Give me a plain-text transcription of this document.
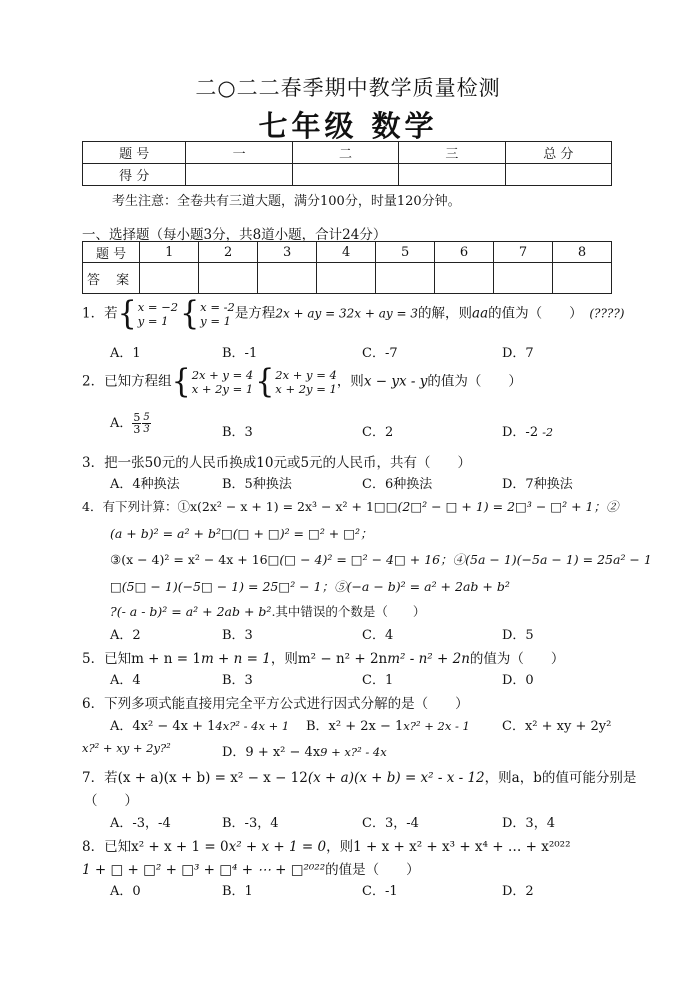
二○二二春季期中教学质量检测
七年级 数学
题 号	一	二	三	总 分
得 分				
考生注意：全卷共有三道大题，满分100分，时量120分钟。
一、选择题（每小题3分，共8道小题，合计24分）
题 号	1	2	3	4	5	6	7	8
答 案								
1．若{x = −2
y = 1 {x = -2
y = 1 是方程2x + ay = 32x + ay = 3的解，则aa的值为（　　）　 (????)
A．1	B．-1	C．-7	D．7
2．已知方程组{2x + y = 4
x + 2y = 1{2x + y = 4
x + 2y = 1，则x − yx - y的值为（　　）
A． $\frac{5}{3} \frac{5}{3}$	B．3	C．2	D．-2 -2
3．把一张50元的人民币换成10元或5元的人民币，共有（　　）
A．4种换法	B．5种换法	C．6种换法	D．7种换法
4．有下列计算：①x(2x² − x + 1) = 2x³ − x² + 1□□(2□² − □ + 1) = 2□³ − □² + 1；②
(a + b)² = a² + b²□(□ + □)² = □² + □²；
③(x − 4)² = x² − 4x + 16□(□ − 4)² = □² − 4□ + 16；④(5a − 1)(−5a − 1) = 25a² − 1
□(5□ − 1)(−5□ − 1) = 25□² − 1；⑤(−a − b)² = a² + 2ab + b²
?(- a - b)² = a² + 2ab + b².其中错误的个数是（　　）
A．2	B．3	C．4	D．5
5．已知m + n = 1m + n = 1，则m² − n² + 2nm² - n² + 2n的值为（　　）
A．4	B．3	C．1	D．0
6．下列多项式能直接用完全平方公式进行因式分解的是（　　）
A．4x² − 4x + 14x?² - 4x + 1 B．x² + 2x − 1x?² + 2x - 1 C．x² + xy + 2y²
x?² + xy + 2y?²	D．9 + x² − 4x9 + x?² - 4x
7．若(x + a)(x + b) = x² − x − 12(x + a)(x + b) = x² - x - 12，则a，b的值可能分别是
（　　）
A．-3，-4	B．-3，4	C．3，-4	D．3，4
8．已知x² + x + 1 = 0x² + x + 1 = 0，则1 + x + x² + x³ + x⁴ + … + x²⁰²²
1 + □ + □² + □³ + □⁴ + ⋯ + □²⁰²²的值是（　　）
A．0	B．1	C．-1	D．2
